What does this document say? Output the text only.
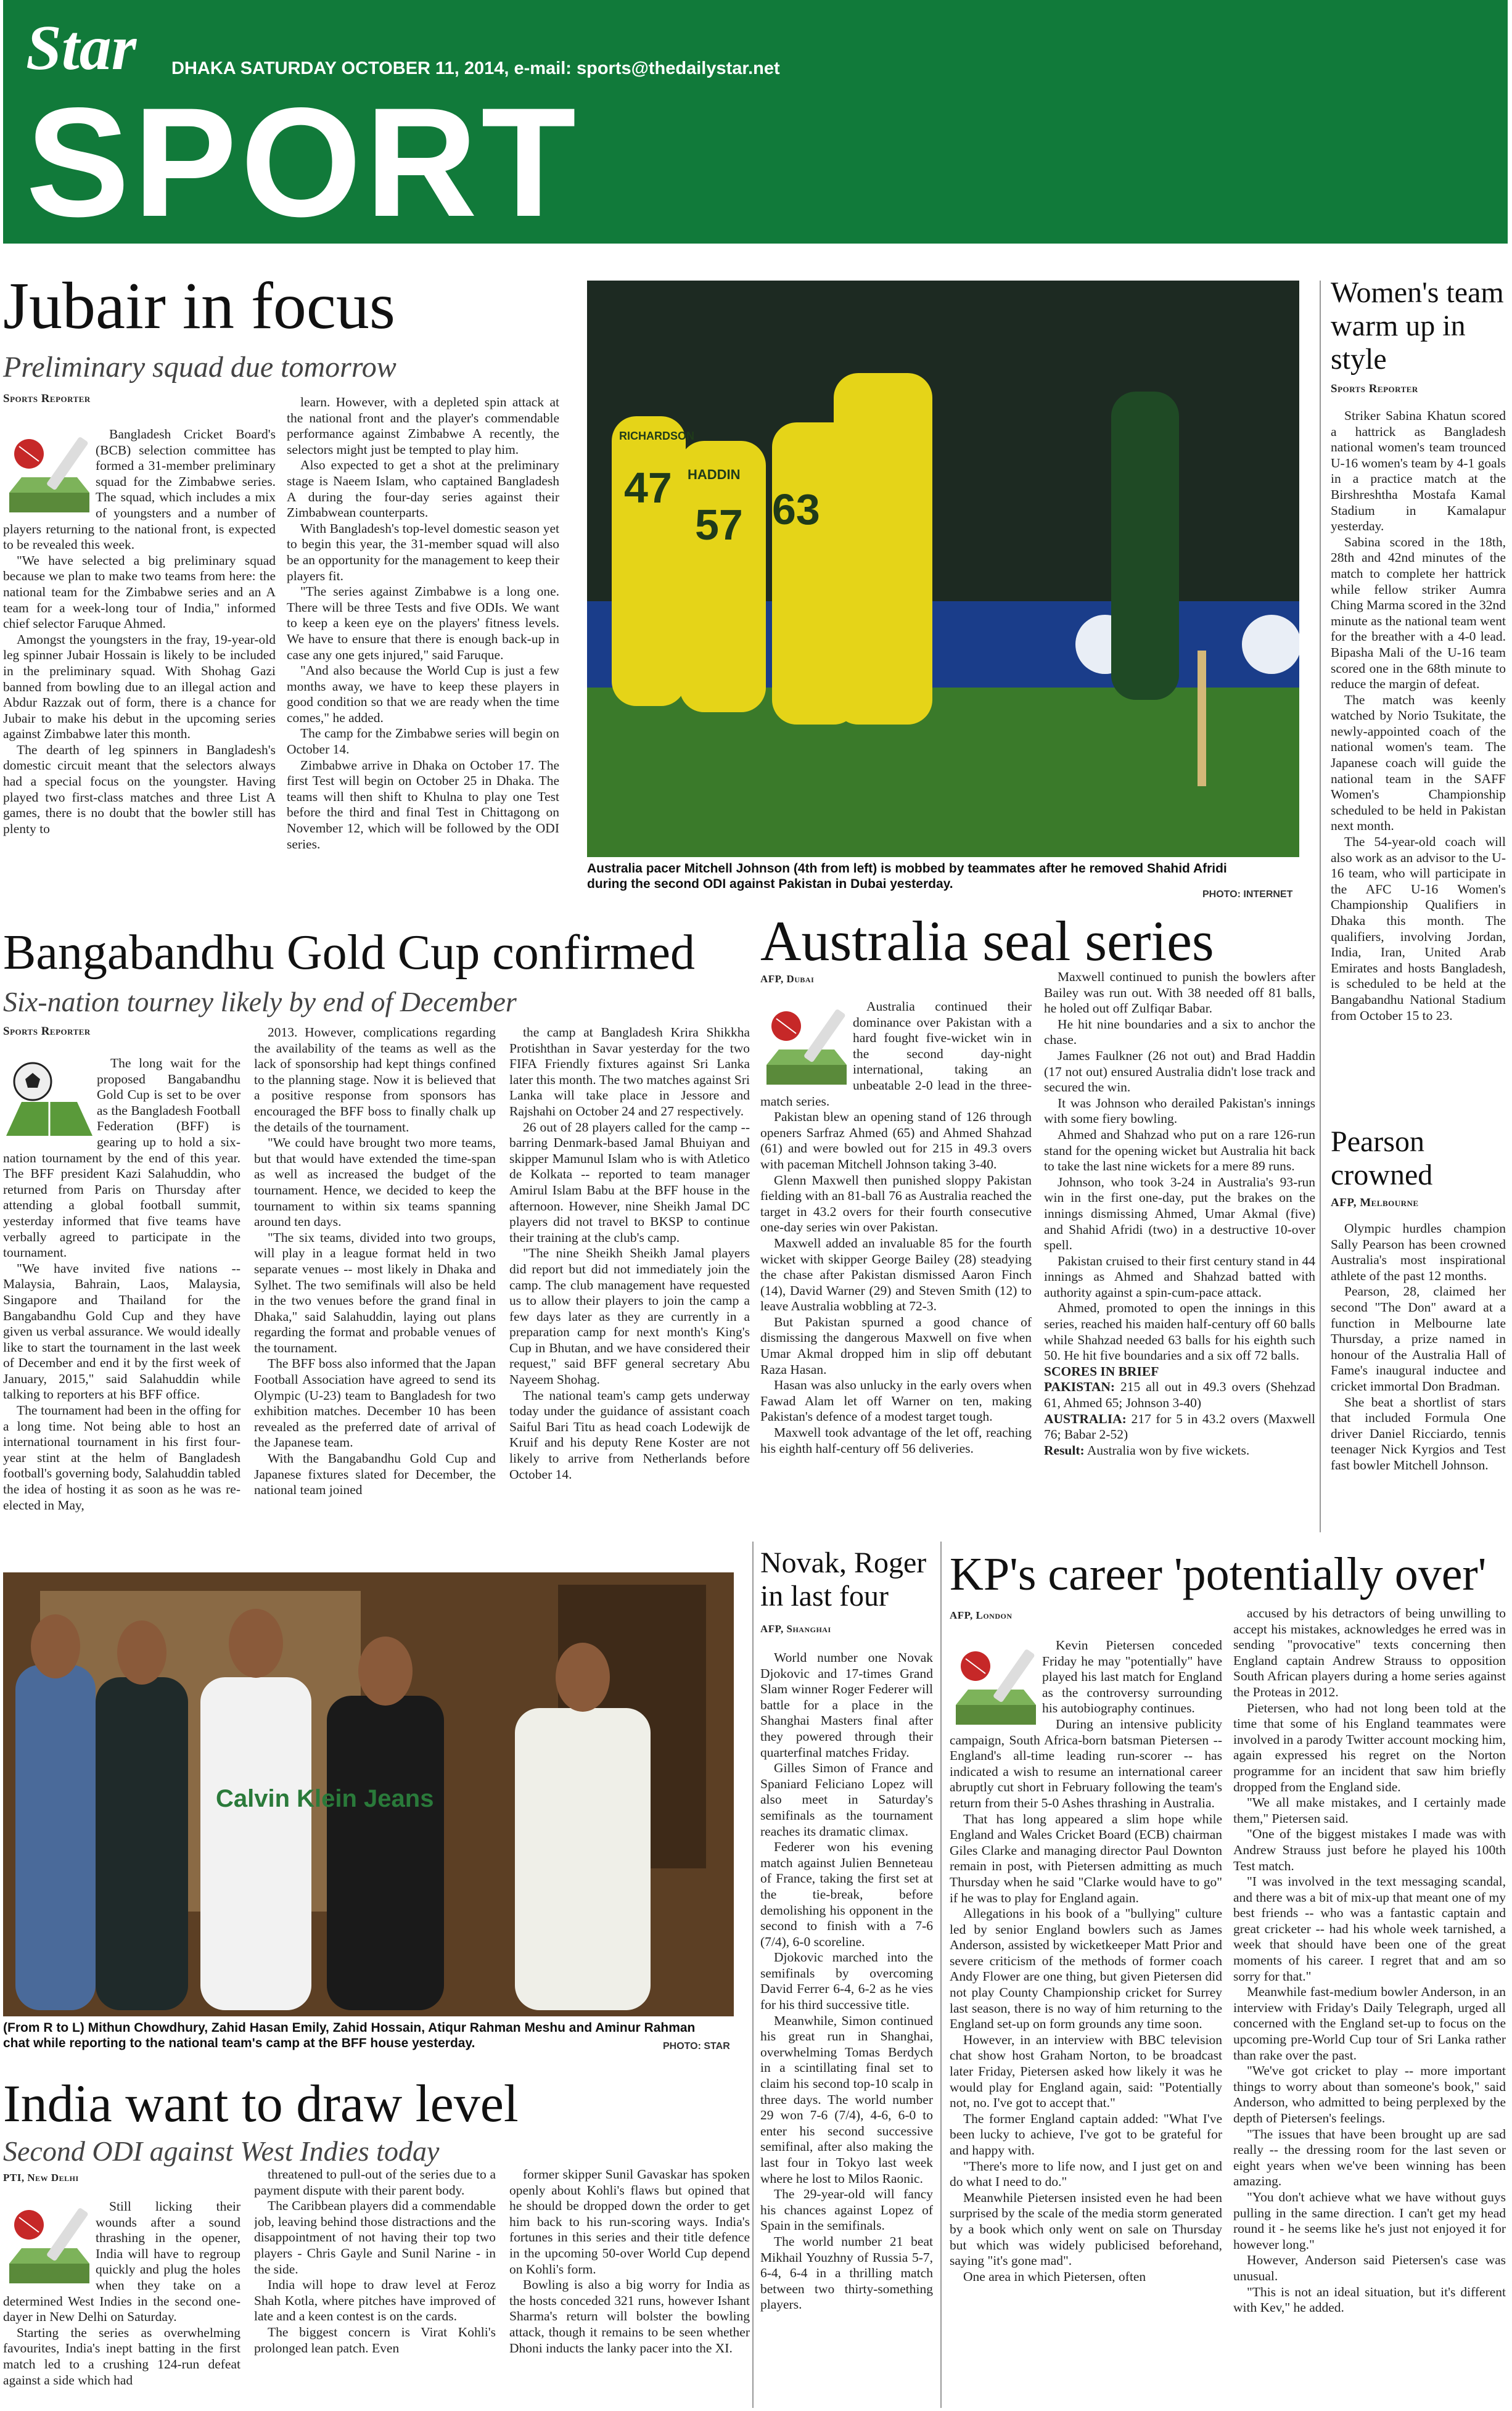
Star DHAKA SATURDAY OCTOBER 11, 2014, e-mail: sports@thedailystar.net
SPORT
Jubair in focus
Preliminary squad due tomorrow
Sports Reporter

Bangladesh Cricket Board's (BCB) selection committee has formed a 31-member preliminary squad for the Zimbabwe series. The squad, which includes a mix of youngsters and a number of players returning to the national front, is expected to be revealed this week.

"We have selected a big preliminary squad because we plan to make two teams from here: the national team for the Zimbabwe series and an A team for a week-long tour of India," informed chief selector Faruque Ahmed.

Amongst the youngsters in the fray, 19-year-old leg spinner Jubair Hossain is likely to be included in the preliminary squad. With Shohag Gazi banned from bowling due to an illegal action and Abdur Razzak out of form, there is a chance for Jubair to make his debut in the upcoming series against Zimbabwe later this month.

The dearth of leg spinners in Bangladesh's domestic circuit meant that the selectors always had a special focus on the youngster. Having played two first-class matches and three List A games, there is no doubt that the bowler still has plenty to

learn. However, with a depleted spin attack at the national front and the player's commendable performance against Zimbabwe A recently, the selectors might just be tempted to play him.

Also expected to get a shot at the preliminary stage is Naeem Islam, who captained Bangladesh A during the four-day series against their Zimbabwean counterparts.

With Bangladesh's top-level domestic season yet to begin this year, the 31-member squad will also be an opportunity for the management to keep their players fit.

"The series against Zimbabwe is a long one. There will be three Tests and five ODIs. We want to keep a keen eye on the players' fitness levels. We have to ensure that there is enough back-up in case any one gets injured," said Faruque.

"And also because the World Cup is just a few months away, we have to keep these players in good condition so that we are ready when the time comes," he added.

The camp for the Zimbabwe series will begin on October 14.

Zimbabwe arrive in Dhaka on October 17. The first Test will begin on October 25 in Dhaka. The teams will then shift to Khulna to play one Test before the third and final Test in Chittagong on November 12, which will be followed by the ODI series.

47
57 63
RICHARDSON
HADDIN
Australia pacer Mitchell Johnson (4th from left) is mobbed by teammates after he removed Shahid Afridi during the second ODI against Pakistan in Dubai yesterday.
PHOTO: INTERNET
Women's team warm up in style
Sports Reporter

Striker Sabina Khatun scored a hattrick as Bangladesh national women's team trounced U-16 women's team by 4-1 goals in a practice match at the Birshreshtha Mostafa Kamal Stadium in Kamalapur yesterday.

Sabina scored in the 18th, 28th and 42nd minutes of the match to complete her hattrick while fellow striker Aumra Ching Marma scored in the 32nd minute as the national team went for the breather with a 4-0 lead. Bipasha Mali of the U-16 team scored one in the 68th minute to reduce the margin of defeat.

The match was keenly watched by Norio Tsukitate, the newly-appointed coach of the national women's team. The Japanese coach will guide the national team in the SAFF Women's Championship scheduled to be held in Pakistan next month.

The 54-year-old coach will also work as an advisor to the U-16 team, who will participate in the AFC U-16 Women's Championship Qualifiers in Dhaka this month. The qualifiers, involving Jordan, India, Iran, United Arab Emirates and hosts Bangladesh, is scheduled to be held at the Bangabandhu National Stadium from October 15 to 23.

Pearson crowned
AFP, Melbourne

Olympic hurdles champion Sally Pearson has been crowned Australia's most inspirational athlete of the past 12 months.

Pearson, 28, claimed her second "The Don" award at a function in Melbourne late Thursday, a prize named in honour of the Australia Hall of Fame's inaugural inductee and cricket immortal Don Bradman.

She beat a shortlist of stars that included Formula One driver Daniel Ricciardo, tennis teenager Nick Kyrgios and Test fast bowler Mitchell Johnson.

Bangabandhu Gold Cup confirmed
Six-nation tourney likely by end of December
Sports Reporter

The long wait for the proposed Bangabandhu Gold Cup is set to be over as the Bangladesh Football Federation (BFF) is gearing up to hold a six-nation tournament by the end of this year. The BFF president Kazi Salahuddin, who returned from Paris on Thursday after attending a global football summit, yesterday informed that five teams have verbally agreed to participate in the tournament.

"We have invited five nations -- Malaysia, Bahrain, Laos, Malaysia, Singapore and Thailand for the Bangabandhu Gold Cup and they have given us verbal assurance. We would ideally like to start the tournament in the last week of December and end it by the first week of January, 2015," said Salahuddin while talking to reporters at his BFF office.

The tournament had been in the offing for a long time. Not being able to host an international tournament in his first four-year stint at the helm of Bangladesh football's governing body, Salahuddin tabled the idea of hosting it as soon as he was re-elected in May,

2013. However, complications regarding the availability of the teams as well as the lack of sponsorship had kept things confined to the planning stage. Now it is believed that a positive response from sponsors has encouraged the BFF boss to finally chalk up the details of the tournament.

"We could have brought two more teams, but that would have extended the time-span as well as increased the budget of the tournament. Hence, we decided to keep the tournament to within six teams spanning around ten days.

"The six teams, divided into two groups, will play in a league format held in two separate venues -- most likely in Dhaka and Sylhet. The two semifinals will also be held in the two venues before the grand final in Dhaka," said Salahuddin, laying out plans regarding the format and probable venues of the tournament.

The BFF boss also informed that the Japan Football Association have agreed to send its Olympic (U-23) team to Bangladesh for two exhibition matches. December 10 has been revealed as the preferred date of arrival of the Japanese team.

With the Bangabandhu Gold Cup and Japanese fixtures slated for December, the national team joined

the camp at Bangladesh Krira Shikkha Protishthan in Savar yesterday for the two FIFA Friendly fixtures against Sri Lanka later this month. The two matches against Sri Lanka will take place in Jessore and Rajshahi on October 24 and 27 respectively.

26 out of 28 players called for the camp -- barring Denmark-based Jamal Bhuiyan and skipper Mamunul Islam who is with Atletico de Kolkata -- reported to team manager Amirul Islam Babu at the BFF house in the afternoon. However, nine Sheikh Jamal DC players did not travel to BKSP to continue their training at the club's camp.

"The nine Sheikh Sheikh Jamal players did report but did not immediately join the camp. The club management have requested us to allow their players to join the camp a few days later as they are currently in a preparation camp for next month's King's Cup in Bhutan, and we have considered their request," said BFF general secretary Abu Nayeem Shohag.

The national team's camp gets underway today under the guidance of assistant coach Saiful Bari Titu as head coach Lodewijk de Kruif and his deputy Rene Koster are not likely to arrive from Netherlands before October 14.

Australia seal series
AFP, Dubai

Australia continued their dominance over Pakistan with a hard fought five-wicket win in the second day-night international, taking an unbeatable 2-0 lead in the three-match series.

Pakistan blew an opening stand of 126 through openers Sarfraz Ahmed (65) and Ahmed Shahzad (61) and were bowled out for 215 in 49.3 overs with paceman Mitchell Johnson taking 3-40.

Glenn Maxwell then punished sloppy Pakistan fielding with an 81-ball 76 as Australia reached the target in 43.2 overs for their fourth consecutive one-day series win over Pakistan.

Maxwell added an invaluable 85 for the fourth wicket with skipper George Bailey (28) steadying the chase after Pakistan dismissed Aaron Finch (14), David Warner (29) and Steven Smith (12) to leave Australia wobbling at 72-3.

But Pakistan spurned a good chance of dismissing the dangerous Maxwell on five when Umar Akmal dropped him in slip off debutant Raza Hasan.

Hasan was also unlucky in the early overs when Fawad Alam let off Warner on ten, making Pakistan's defence of a modest target tough.

Maxwell took advantage of the let off, reaching his eighth half-century off 56 deliveries.

Maxwell continued to punish the bowlers after Bailey was run out. With 38 needed off 81 balls, he holed out off Zulfiqar Babar.

He hit nine boundaries and a six to anchor the chase.

James Faulkner (26 not out) and Brad Haddin (17 not out) ensured Australia didn't lose track and secured the win.

It was Johnson who derailed Pakistan's innings with some fiery bowling.

Ahmed and Shahzad who put on a rare 126-run stand for the opening wicket but Australia hit back to take the last nine wickets for a mere 89 runs.

Johnson, who took 3-24 in Australia's 93-run win in the first one-day, put the brakes on the innings dismissing Ahmed, Umar Akmal (five) and Shahid Afridi (two) in a destructive 10-over spell.

Pakistan cruised to their first century stand in 44 innings as Ahmed and Shahzad batted with authority against a spin-cum-pace attack.

Ahmed, promoted to open the innings in this series, reached his maiden half-century off 60 balls while Shahzad needed 63 balls for his eighth such 50. He hit five boundaries and a six off 72 balls.

SCORES IN BRIEF
PAKISTAN: 215 all out in 49.3 overs (Shehzad 61, Ahmed 65; Johnson 3-40)
AUSTRALIA: 217 for 5 in 43.2 overs (Maxwell 76; Babar 2-52)
Result: Australia won by five wickets.
Calvin Klein Jeans
(From R to L) Mithun Chowdhury, Zahid Hasan Emily, Zahid Hossain, Atiqur Rahman Meshu and Aminur Rahman chat while reporting to the national team's camp at the BFF house yesterday.	PHOTO: STAR
Novak, Roger in last four
AFP, Shanghai

World number one Novak Djokovic and 17-times Grand Slam winner Roger Federer will battle for a place in the Shanghai Masters final after they powered through their quarterfinal matches Friday.

Gilles Simon of France and Spaniard Feliciano Lopez will also meet in Saturday's semifinals as the tournament reaches its dramatic climax.

Federer won his evening match against Julien Benneteau of France, taking the first set at the tie-break, before demolishing his opponent in the second to finish with a 7-6 (7/4), 6-0 scoreline.

Djokovic marched into the semifinals by overcoming David Ferrer 6-4, 6-2 as he vies for his third successive title.

Meanwhile, Simon continued his great run in Shanghai, overwhelming Tomas Berdych in a scintillating final set to claim his second top-10 scalp in three days. The world number 29 won 7-6 (7/4), 4-6, 6-0 to enter his second successive semifinal, after also making the last four in Tokyo last week where he lost to Milos Raonic.

The 29-year-old will fancy his chances against Lopez of Spain in the semifinals.

The world number 21 beat Mikhail Youzhny of Russia 5-7, 6-4, 6-4 in a thrilling match between two thirty-something players.

KP's career 'potentially over'
AFP, London

Kevin Pietersen conceded Friday he may "potentially" have played his last match for England as the controversy surrounding his autobiography continues.

During an intensive publicity campaign, South Africa-born batsman Pietersen -- England's all-time leading run-scorer -- has indicated a wish to resume an international career abruptly cut short in February following the team's return from their 5-0 Ashes thrashing in Australia.

That has long appeared a slim hope while England and Wales Cricket Board (ECB) chairman Giles Clarke and managing director Paul Downton remain in post, with Pietersen admitting as much Thursday when he said "Clarke would have to go" if he was to play for England again.

Allegations in his book of a "bullying" culture led by senior England bowlers such as James Anderson, assisted by wicketkeeper Matt Prior and severe criticism of the methods of former coach Andy Flower are one thing, but given Pietersen did not play County Championship cricket for Surrey last season, there is no way of him returning to the England set-up on form grounds any time soon.

However, in an interview with BBC television chat show host Graham Norton, to be broadcast later Friday, Pietersen asked how likely it was he would play for England again, said: "Potentially not, no. I've got to accept that."

The former England captain added: "What I've been lucky to achieve, I've got to be grateful for and happy with.

"There's more to life now, and I just get on and do what I need to do."

Meanwhile Pietersen insisted even he had been surprised by the scale of the media storm generated by a book which only went on sale on Thursday but which was widely publicised beforehand, saying "it's gone mad".

One area in which Pietersen, often

accused by his detractors of being unwilling to accept his mistakes, acknowledges he erred was in sending "provocative" texts concerning then England captain Andrew Strauss to opposition South African players during a home series against the Proteas in 2012.

Pietersen, who had not long been told at the time that some of his England teammates were involved in a parody Twitter account mocking him, again expressed his regret on the Norton programme for an incident that saw him briefly dropped from the England side.

"We all make mistakes, and I certainly made them," Pietersen said.

"One of the biggest mistakes I made was with Andrew Strauss just before he played his 100th Test match.

"I was involved in the text messaging scandal, and there was a bit of mix-up that meant one of my best friends -- who was a fantastic captain and great cricketer -- had his whole week tarnished, a week that should have been one of the great moments of his career. I regret that and am so sorry for that."

Meanwhile fast-medium bowler Anderson, in an interview with Friday's Daily Telegraph, urged all concerned with the England set-up to focus on the upcoming pre-World Cup tour of Sri Lanka rather than rake over the past.

"We've got cricket to play -- more important things to worry about than someone's book," said Anderson, who admitted to being perplexed by the depth of Pietersen's feelings.

"The issues that have been brought up are sad really -- the dressing room for the last seven or eight years when we've been winning has been amazing.

"You don't achieve what we have without guys pulling in the same direction. I can't get my head round it - he seems like he's just not enjoyed it for however long."

However, Anderson said Pietersen's case was unusual.

"This is not an ideal situation, but it's different with Kev," he added.

India want to draw level
Second ODI against West Indies today
PTI, New Delhi

Still licking their wounds after a sound thrashing in the opener, India will have to regroup quickly and plug the holes when they take on a determined West Indies in the second one-dayer in New Delhi on Saturday.

Starting the series as overwhelming favourites, India's inept batting in the first match led to a crushing 124-run defeat against a side which had

threatened to pull-out of the series due to a payment dispute with their parent body.

The Caribbean players did a commendable job, leaving behind those distractions and the disappointment of not having their top two players - Chris Gayle and Sunil Narine - in the side.

India will hope to draw level at Feroz Shah Kotla, where pitches have improved of late and a keen contest is on the cards.

The biggest concern is Virat Kohli's prolonged lean patch. Even

former skipper Sunil Gavaskar has spoken openly about Kohli's flaws but opined that he should be dropped down the order to get him back to his run-scoring ways. India's fortunes in this series and their title defence in the upcoming 50-over World Cup depend on Kohli's form.

Bowling is also a big worry for India as the hosts conceded 321 runs, however Ishant Sharma's return will bolster the bowling attack, though it remains to be seen whether Dhoni inducts the lanky pacer into the XI.
